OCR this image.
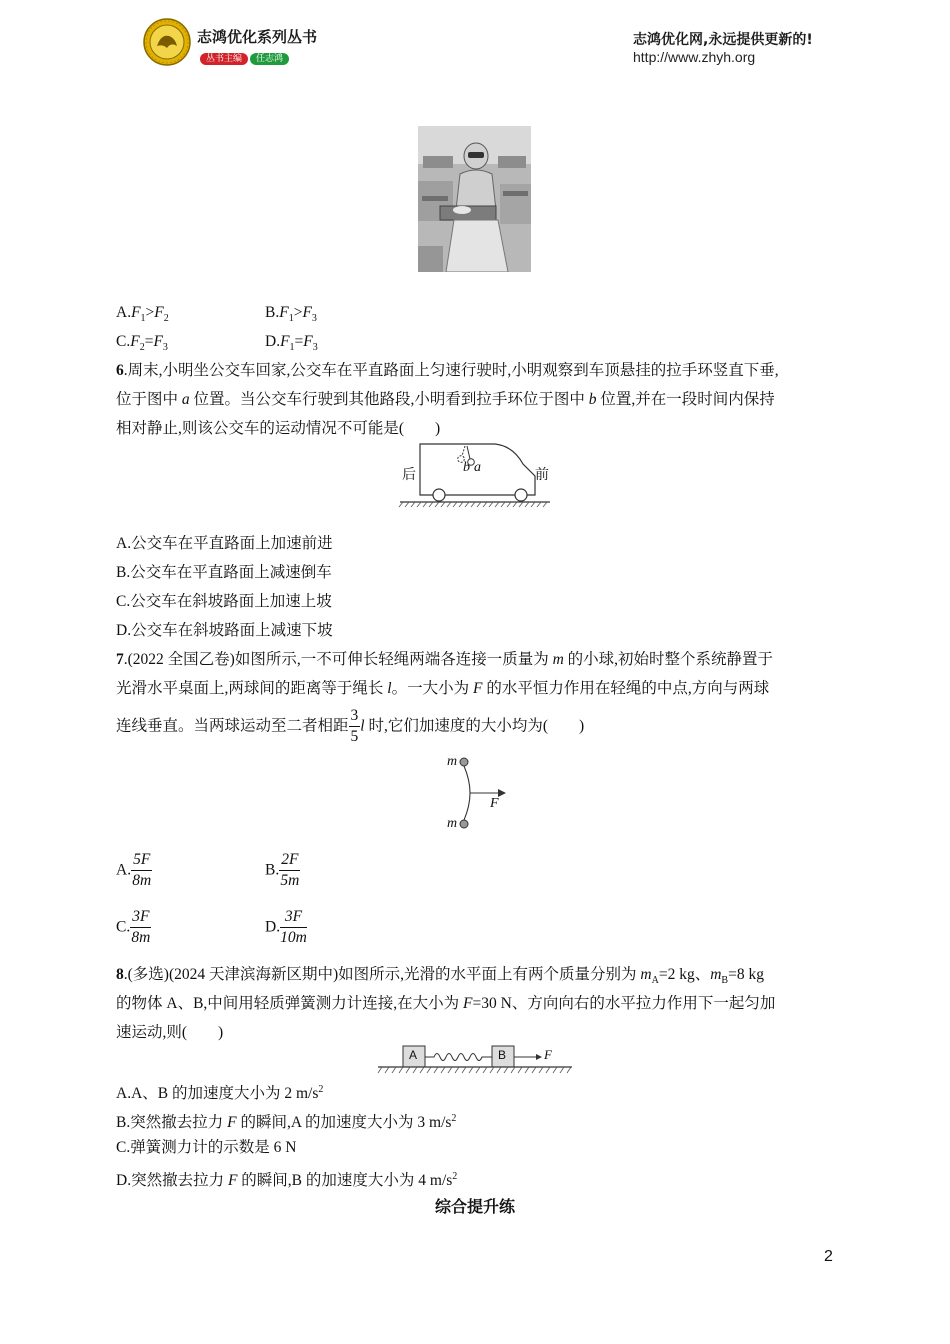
志鸿优化系列丛书
丛书主编 任志鸿
志鸿优化网,永远提供更新的!
http://www.zhyh.org
$A.F_1>F_2$	$B.F_1>F_3$
$C.F_2=F_3$	$D.F_1=F_3$
6.周末,小明坐公交车回家,公交车在平直路面上匀速行驶时,小明观察到车顶悬挂的拉手环竖直下垂,
位于图中 a 位置。当公交车行驶到其他路段,小明看到拉手环位于图中 b 位置,并在一段时间内保持
相对静止,则该公交车的运动情况不可能是(　　)
后	前
b a
A.公交车在平直路面上加速前进
B.公交车在平直路面上减速倒车
C.公交车在斜坡路面上加速上坡
D.公交车在斜坡路面上减速下坡
7.(2022 全国乙卷)如图所示,一不可伸长轻绳两端各连接一质量为 m 的小球,初始时整个系统静置于
光滑水平桌面上,两球间的距离等于绳长 l。一大小为 F 的水平恒力作用在轻绳的中点,方向与两球
连线垂直。当两球运动至二者相距 $\frac{3}{5}$ l 时,它们加速度的大小均为(　　)
m
m
F
A. $\frac{5F}{8m}$	B. $\frac{2F}{5m}$
C. $\frac{3F}{8m}$	D. $\frac{3F}{10m}$
8.(多选)(2024 天津滨海新区期中)如图所示,光滑的水平面上有两个质量分别为 $m_A=2$ kg、$m_B=8$ kg
的物体 A、B,中间用轻质弹簧测力计连接,在大小为 F=30 N、方向向右的水平拉力作用下一起匀加
速运动,则(　　)
A	B	F
A.A、B 的加速度大小为 2 $m/s^2$
B.突然撤去拉力 F 的瞬间,A 的加速度大小为 3 $m/s^2$
C.弹簧测力计的示数是 6 N
D.突然撤去拉力 F 的瞬间,B 的加速度大小为 4 $m/s^2$
综合提升练
2
